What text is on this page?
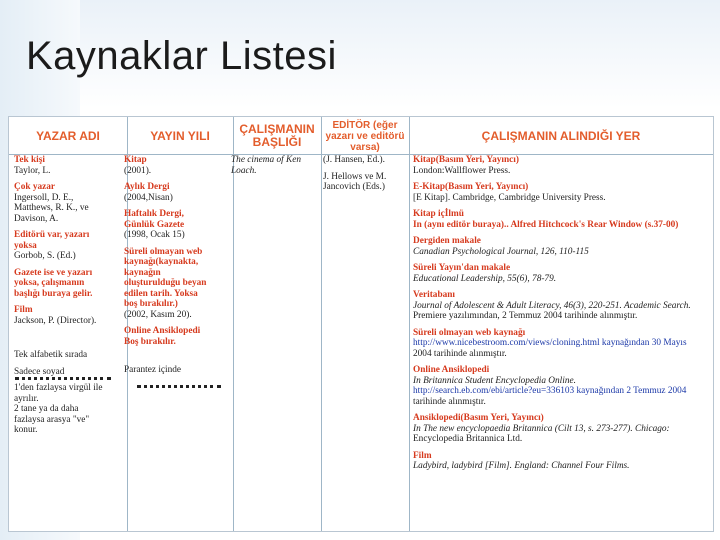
Kaynaklar Listesi
YAZAR ADI	YAYIN YILI	ÇALIŞMANIN BAŞLIĞI
EDİTÖR (eğer yazarı ve editörü varsa)
ÇALIŞMANIN ALINDIĞI YER
Tek kişi
Taylor, L.
Çok yazar
Ingersoll, D. E.,
Matthews, R. K., ve
Davison, A.
Editörü var, yazarı
yoksa
Gorbob, S. (Ed.)
Gazete ise ve yazarı
yoksa, çalışmanın
başlığı buraya gelir.
Film
Jackson, P. (Director).
Tek alfabetik sırada
Sadece soyad
1'den fazlaysa virgül ile
ayrılır.
2 tane ya da daha
fazlaysa arasya "ve"
konur.
Kitap
(2001).
Aylık Dergi
(2004,Nisan)
Haftalık Dergi,
Günlük Gazete
(1998, Ocak 15)
Süreli olmayan web
kaynağı(kaynakta,
kaynağın
oluşturulduğu beyan
edilen tarih. Yoksa
boş bırakılır.)
(2002, Kasım 20).
Online Ansiklopedi
Boş bırakılır.
Parantez içinde
The cinema of Ken
Loach.
(J. Hansen, Ed.).
J. Hellows ve M.
Jancovich (Eds.)
Kitap(Basım Yeri, Yayıncı)
London:Wallflower Press.
E-Kitap(Basım Yeri, Yayıncı)
[E Kitap]. Cambridge, Cambridge University Press.
Kitap içİlmü
In (aynı editör buraya).. Alfred Hitchcock's Rear Window (s.37-00)
Dergiden makale
Canadian Psychological Journal, 126, 110-115
Süreli Yayın'dan makale
Educational Leadership, 55(6), 78-79.
Veritabanı
Journal of Adolescent & Adult Literacy, 46(3), 220-251. Academic Search.
Premiere yazılımından, 2 Temmuz 2004 tarihinde alınmıştır.
Süreli olmayan web kaynağı
http://www.nicebestroom.com/views/cloning.html kaynağından 30 Mayıs
2004 tarihinde alınmıştır.
Online Ansiklopedi
In Britannica Student Encyclopedia Online.
http://search.eb.com/ebi/article?eu=336103 kaynağından 2 Temmuz 2004
tarihinde alınmıştır.
Ansiklopedi(Basım Yeri, Yayıncı)
In The new encyclopaedia Britannica (Cilt 13, s. 273-277). Chicago:
Encyclopedia Britannica Ltd.
Film
Ladybird, ladybird [Film]. England: Channel Four Films.
